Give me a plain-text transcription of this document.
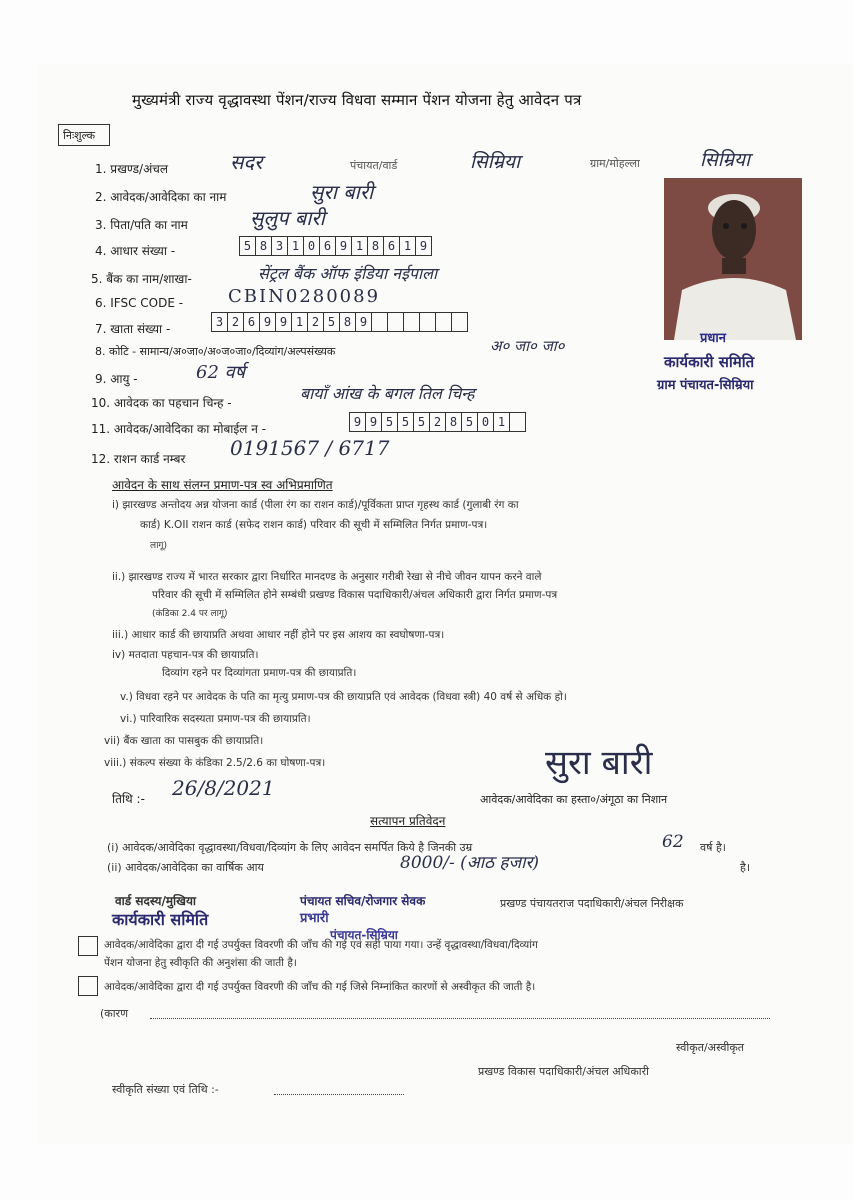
मुख्यमंत्री राज्य वृद्धावस्था पेंशन/राज्य विधवा सम्मान पेंशन योजना हेतु आवेदन पत्र
निःशुल्क
1. प्रखण्ड/अंचल	सदर	पंचायत/वार्ड	सिम्रिया	ग्राम/मोहल्ला	सिम्रिया
2. आवेदक/आवेदिका का नाम	सुरा बारी
3. पिता/पति का नाम	सुलुप बारी
4. आधार संख्या -	5 8 3 1 0 6 9 1 8 6 1 9
5. बैंक का नाम/शाखा-	सेंट्रल बैंक ऑफ इंडिया नईपाला
6. IFSC CODE - CBIN0280089
7. खाता संख्या -	3 2 6 9 9 1 2 5 8 9
8. कोटि - सामान्य/अ०जा०/अ०ज०जा०/दिव्यांग/अल्पसंख्यक	अ० जा० जा०
9. आयु -	62 वर्ष
10. आवेदक का पहचान चिन्ह -	बायाँ आंख के बगल तिल चिन्ह
11. आवेदक/आवेदिका का मोबाईल न -	9 9 5 5 5 2 8 5 0 1
12. राशन कार्ड नम्बर 0191567 / 6717
प्रधान
कार्यकारी समिति
ग्राम पंचायत-सिम्रिया
आवेदन के साथ संलग्न प्रमाण-पत्र स्व अभिप्रमाणित
i) झारखण्ड अन्तोदय अन्न योजना कार्ड (पीला रंग का राशन कार्ड)/पूर्विकता प्राप्त गृहस्थ कार्ड (गुलाबी रंग का
कार्ड) K.OII राशन कार्ड (सफेद राशन कार्ड) परिवार की सूची में सम्मिलित निर्गत प्रमाण-पत्र।
लागू)
ii.) झारखण्ड राज्य में भारत सरकार द्वारा निर्धारित मानदण्ड के अनुसार गरीबी रेखा से नीचे जीवन यापन करने वाले
परिवार की सूची में सम्मिलित होने सम्बंधी प्रखण्ड विकास पदाधिकारी/अंचल अधिकारी द्वारा निर्गत प्रमाण-पत्र
(कंडिका 2.4 पर लागू)
iii.) आधार कार्ड की छायाप्रति अथवा आधार नहीं होने पर इस आशय का स्वघोषणा-पत्र।
iv) मतदाता पहचान-पत्र की छायाप्रति।
दिव्यांग रहने पर दिव्यांगता प्रमाण-पत्र की छायाप्रति।
v.) विधवा रहने पर आवेदक के पति का मृत्यु प्रमाण-पत्र की छायाप्रति एवं आवेदक (विधवा स्त्री) 40 वर्ष से अधिक हो।
vi.) पारिवारिक सदस्यता प्रमाण-पत्र की छायाप्रति।
vii) बैंक खाता का पासबुक की छायाप्रति।
viii.) संकल्प संख्या के कंडिका 2.5/2.6 का घोषणा-पत्र।
तिथि :- 26/8/2021
सुरा बारी
आवेदक/आवेदिका का हस्ता०/अंगूठा का निशान
सत्यापन प्रतिवेदन
(i) आवेदक/आवेदिका वृद्धावस्था/विधवा/दिव्यांग के लिए आवेदन समर्पित किये है जिनकी उम्र	62 वर्ष है।
(ii) आवेदक/आवेदिका का वार्षिक आय	8000/- (आठ हजार)	है।
वार्ड सदस्य/मुखिया	पंचायत सचिव/रोजगार सेवक	प्रखण्ड पंचायतराज पदाधिकारी/अंचल निरीक्षक
कार्यकारी समिति	प्रभारी
पंचायत-सिम्रिया
आवेदक/आवेदिका द्वारा दी गई उपर्युक्त विवरणी की जाँच की गई एवं सही पाया गया। उन्हें वृद्धावस्था/विधवा/दिव्यांग
पेंशन योजना हेतु स्वीकृति की अनुशंसा की जाती है।
आवेदक/आवेदिका द्वारा दी गई उपर्युक्त विवरणी की जाँच की गई जिसे निम्नांकित कारणों से अस्वीकृत की जाती है।
(कारण
स्वीकृत/अस्वीकृत
प्रखण्ड विकास पदाधिकारी/अंचल अधिकारी
स्वीकृति संख्या एवं तिथि :-
